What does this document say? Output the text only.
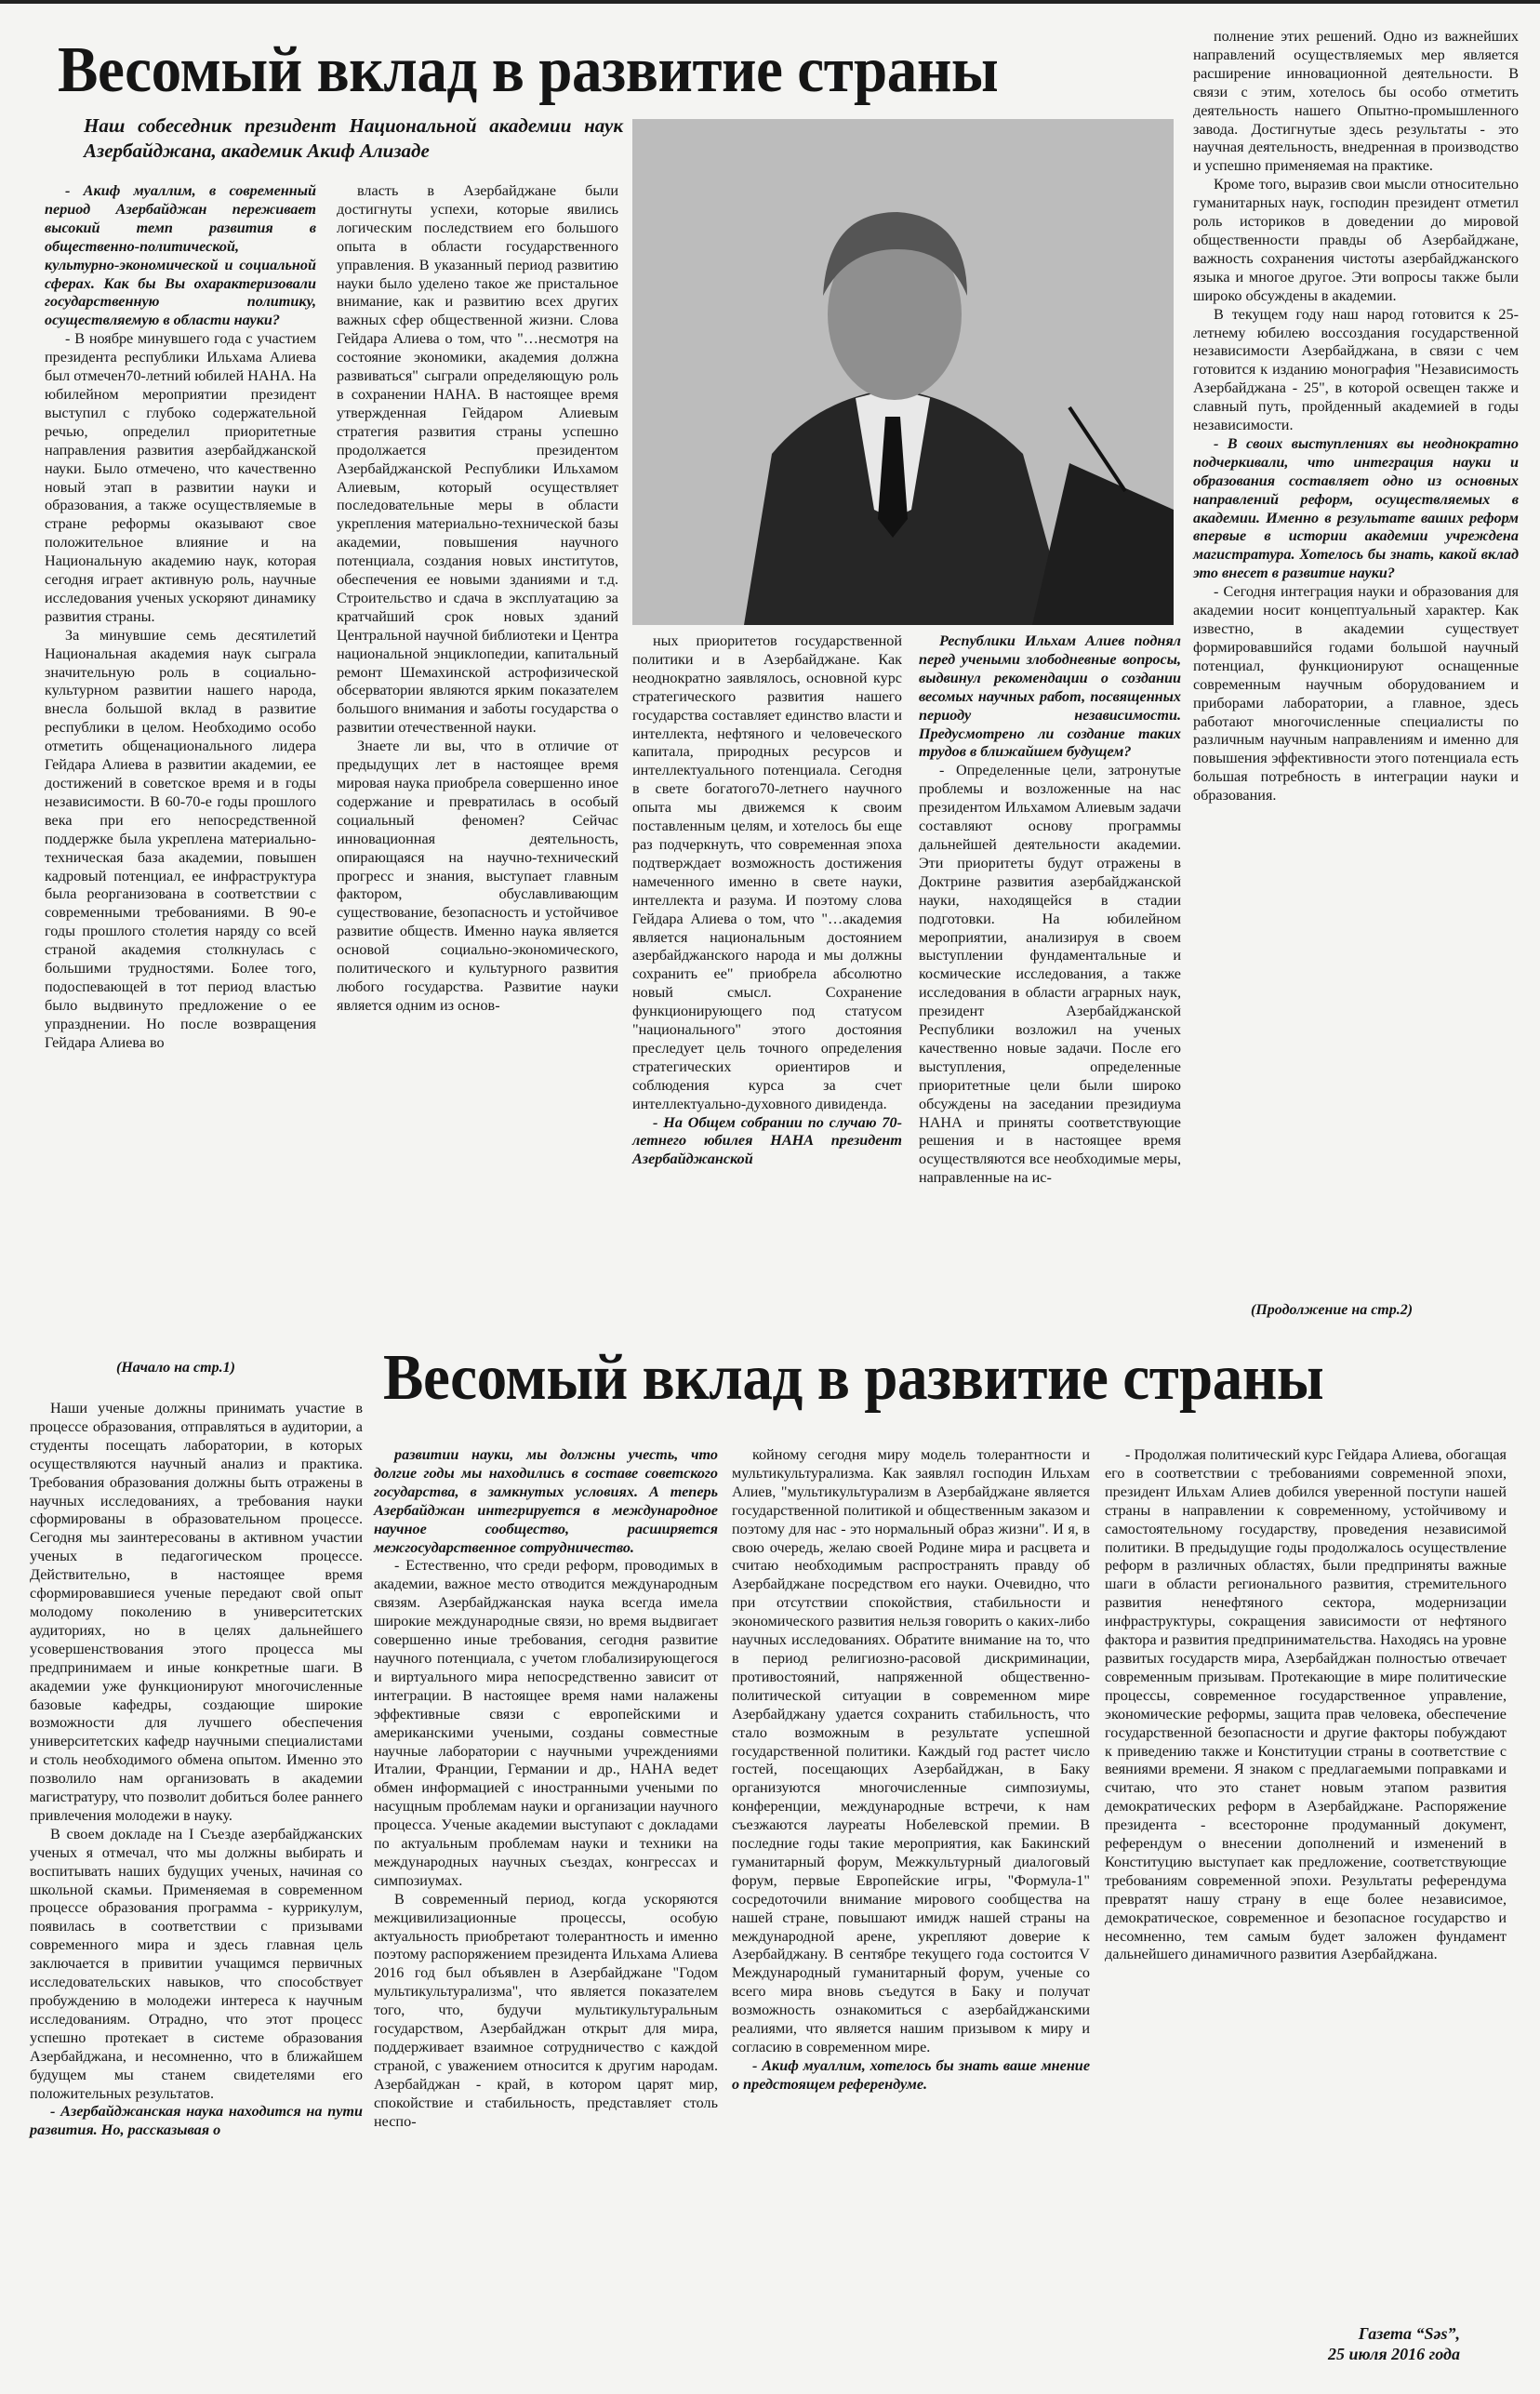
Весомый вклад в развитие страны
Наш собеседник президент Национальной академии наук Азербайджана, академик Акиф Ализаде

- Акиф муаллим, в современный период Азербайджан переживает высокий темп развития в общественно-политической, культурно-экономической и социальной сферах. Как бы Вы охарактеризовали государственную политику, осуществляемую в области науки?

- В ноябре минувшего года с участием президента республики Ильхама Алиева был отмечен70-летний юбилей НАНА. На юбилейном мероприятии президент выступил с глубоко содержательной речью, определил приоритетные направления развития азербайджанской науки. Было отмечено, что качественно новый этап в развитии науки и образования, а также осуществляемые в стране реформы оказывают свое положительное влияние и на Национальную академию наук, которая сегодня играет активную роль, научные исследования ученых ускоряют динамику развития страны.

За минувшие семь десятилетий Национальная академия наук сыграла значительную роль в социально-культурном развитии нашего народа, внесла большой вклад в развитие республики в целом. Необходимо особо отметить общенационального лидера Гейдара Алиева в развитии академии, ее достижений в советское время и в годы независимости. В 60-70-е годы прошлого века при его непосредственной поддержке была укреплена материально-техническая база академии, повышен кадровый потенциал, ее инфраструктура была реорганизована в соответствии с современными требованиями. В 90-е годы прошлого столетия наряду со всей страной академия столкнулась с большими трудностями. Более того, подоспевающей в тот период властью было выдвинуто предложение о ее упразднении. Но после возвращения Гейдара Алиева во

власть в Азербайджане были достигнуты успехи, которые явились логическим последствием его большого опыта в области государственного управления. В указанный период развитию науки было уделено такое же пристальное внимание, как и развитию всех других важных сфер общественной жизни. Слова Гейдара Алиева о том, что "…несмотря на состояние экономики, академия должна развиваться" сыграли определяющую роль в сохранении НАНА. В настоящее время утвержденная Гейдаром Алиевым стратегия развития страны успешно продолжается президентом Азербайджанской Республики Ильхамом Алиевым, который осуществляет последовательные меры в области укрепления материально-технической базы академии, повышения научного потенциала, создания новых институтов, обеспечения ее новыми зданиями и т.д. Строительство и сдача в эксплуатацию за кратчайший срок новых зданий Центральной научной библиотеки и Центра национальной энциклопедии, капитальный ремонт Шемахинской астрофизической обсерватории являются ярким показателем большого внимания и заботы государства о развитии отечественной науки.

Знаете ли вы, что в отличие от предыдущих лет в настоящее время мировая наука приобрела совершенно иное содержание и превратилась в особый социальный феномен? Сейчас инновационная деятельность, опирающаяся на научно-технический прогресс и знания, выступает главным фактором, обуславливающим существование, безопасность и устойчивое развитие обществ. Именно наука является основой социально-экономического, политического и культурного развития любого государства. Развитие науки является одним из основ-

ных приоритетов государственной политики и в Азербайджане. Как неоднократно заявлялось, основной курс стратегического развития нашего государства составляет единство власти и интеллекта, нефтяного и человеческого капитала, природных ресурсов и интеллектуального потенциала. Сегодня в свете богатого70-летнего научного опыта мы движемся к своим поставленным целям, и хотелось бы еще раз подчеркнуть, что современная эпоха подтверждает возможность достижения намеченного именно в свете науки, интеллекта и разума. И поэтому слова Гейдара Алиева о том, что "…академия является национальным достоянием азербайджанского народа и мы должны сохранить ее" приобрела абсолютно новый смысл. Сохранение функционирующего под статусом "национального" этого достояния преследует цель точного определения стратегических ориентиров и соблюдения курса за счет интеллектуально-духовного дивиденда.

- На Общем собрании по случаю 70-летнего юбилея НАНА президент Азербайджанской

Республики Ильхам Алиев поднял перед учеными злободневные вопросы, выдвинул рекомендации о создании весомых научных работ, посвященных периоду независимости. Предусмотрено ли создание таких трудов в ближайшем будущем?

- Определенные цели, затронутые проблемы и возложенные на нас президентом Ильхамом Алиевым задачи составляют основу программы дальнейшей деятельности академии. Эти приоритеты будут отражены в Доктрине развития азербайджанской науки, находящейся в стадии подготовки. На юбилейном мероприятии, анализируя в своем выступлении фундаментальные и космические исследования, а также исследования в области аграрных наук, президент Азербайджанской Республики возложил на ученых качественно новые задачи. После его выступления, определенные приоритетные цели были широко обсуждены на заседании президиума НАНА и приняты соответствующие решения и в настоящее время осуществляются все необходимые меры, направленные на ис-

полнение этих решений. Одно из важнейших направлений осуществляемых мер является расширение инновационной деятельности. В связи с этим, хотелось бы особо отметить деятельность нашего Опытно-промышленного завода. Достигнутые здесь результаты - это научная деятельность, внедренная в производство и успешно применяемая на практике.

Кроме того, выразив свои мысли относительно гуманитарных наук, господин президент отметил роль историков в доведении до мировой общественности правды об Азербайджане, важность сохранения чистоты азербайджанского языка и многое другое. Эти вопросы также были широко обсуждены в академии.

В текущем году наш народ готовится к 25-летнему юбилею воссоздания государственной независимости Азербайджана, в связи с чем готовится к изданию монография "Независимость Азербайджана - 25", в которой освещен также и славный путь, пройденный академией в годы независимости.

- В своих выступлениях вы неоднократно подчеркивали, что интеграция науки и образования составляет одно из основных направлений реформ, осуществляемых в академии. Именно в результате ваших реформ впервые в истории академии учреждена магистратура. Хотелось бы знать, какой вклад это внесет в развитие науки?

- Сегодня интеграция науки и образования для академии носит концептуальный характер. Как известно, в академии существует формировавшийся годами большой научный потенциал, функционируют оснащенные современным научным оборудованием и приборами лаборатории, а главное, здесь работают многочисленные специалисты по различным научным направлениям и именно для повышения эффективности этого потенциала есть большая потребность в интеграции науки и образования.

(Продолжение на стр.2)
(Начало на стр.1) Весомый вклад в развитие страны

Наши ученые должны принимать участие в процессе образования, отправляться в аудитории, а студенты посещать лаборатории, в которых осуществляются научный анализ и практика. Требования образования должны быть отражены в научных исследованиях, а требования науки сформированы в образовательном процессе. Сегодня мы заинтересованы в активном участии ученых в педагогическом процессе. Действительно, в настоящее время сформировавшиеся ученые передают свой опыт молодому поколению в университетских аудиториях, но в целях дальнейшего усовершенствования этого процесса мы предпринимаем и иные конкретные шаги. В академии уже функционируют многочисленные базовые кафедры, создающие широкие возможности для лучшего обеспечения университетских кафедр научными специалистами и столь необходимого обмена опытом. Именно это позволило нам организовать в академии магистратуру, что позволит добиться более раннего привлечения молодежи в науку.

В своем докладе на I Съезде азербайджанских ученых я отмечал, что мы должны выбирать и воспитывать наших будущих ученых, начиная со школьной скамьи. Применяемая в современном процессе образования программа - куррикулум, появилась в соответствии с призывами современного мира и здесь главная цель заключается в привитии учащимся первичных исследовательских навыков, что способствует пробуждению в молодежи интереса к научным исследованиям. Отрадно, что этот процесс успешно протекает в системе образования Азербайджана, и несомненно, что в ближайшем будущем мы станем свидетелями его положительных результатов.

- Азербайджанская наука находится на пути развития. Но, рассказывая о

развитии науки, мы должны учесть, что долгие годы мы находились в составе советского государства, в замкнутых условиях. А теперь Азербайджан интегрируется в международное научное сообщество, расширяется межгосударственное сотрудничество.

- Естественно, что среди реформ, проводимых в академии, важное место отводится международным связям. Азербайджанская наука всегда имела широкие международные связи, но время выдвигает совершенно иные требования, сегодня развитие научного потенциала, с учетом глобализирующегося и виртуального мира непосредственно зависит от интеграции. В настоящее время нами налажены эффективные связи с европейскими и американскими учеными, созданы совместные научные лаборатории с научными учреждениями Италии, Франции, Германии и др., НАНА ведет обмен информацией с иностранными учеными по насущным проблемам науки и организации научного процесса. Ученые академии выступают с докладами по актуальным проблемам науки и техники на международных научных съездах, конгрессах и симпозиумах.

В современный период, когда ускоряются межцивилизационные процессы, особую актуальность приобретают толерантность и именно поэтому распоряжением президента Ильхама Алиева 2016 год был объявлен в Азербайджане "Годом мультикультурализма", что является показателем того, что, будучи мультикультуральным государством, Азербайджан открыт для мира, поддерживает взаимное сотрудничество с каждой страной, с уважением относится к другим народам. Азербайджан - край, в котором царят мир, спокойствие и стабильность, представляет столь неспо-

койному сегодня миру модель толерантности и мультикультурализма. Как заявлял господин Ильхам Алиев, "мультикультурализм в Азербайджане является государственной политикой и общественным заказом и поэтому для нас - это нормальный образ жизни". И я, в свою очередь, желаю своей Родине мира и расцвета и считаю необходимым распространять правду об Азербайджане посредством его науки. Очевидно, что при отсутствии спокойствия, стабильности и экономического развития нельзя говорить о каких-либо научных исследованиях. Обратите внимание на то, что в период религиозно-расовой дискриминации, противостояний, напряженной общественно-политической ситуации в современном мире Азербайджану удается сохранить стабильность, что стало возможным в результате успешной государственной политики. Каждый год растет число гостей, посещающих Азербайджан, в Баку организуются многочисленные симпозиумы, конференции, международные встречи, к нам съезжаются лауреаты Нобелевской премии. В последние годы такие мероприятия, как Бакинский гуманитарный форум, Межкультурный диалоговый форум, первые Европейские игры, "Формула-1" сосредоточили внимание мирового сообщества на нашей стране, повышают имидж нашей страны на международной арене, укрепляют доверие к Азербайджану. В сентябре текущего года состоится V Международный гуманитарный форум, ученые со всего мира вновь съедутся в Баку и получат возможность ознакомиться с азербайджанскими реалиями, что является нашим призывом к миру и согласию в современном мире.

- Акиф муаллим, хотелось бы знать ваше мнение о предстоящем референдуме.

- Продолжая политический курс Гейдара Алиева, обогащая его в соответствии с требованиями современной эпохи, президент Ильхам Алиев добился уверенной поступи нашей страны в направлении к современному, устойчивому и самостоятельному государству, проведения независимой политики. В предыдущие годы продолжалось осуществление реформ в различных областях, были предприняты важные шаги в области регионального развития, стремительного развития ненефтяного сектора, модернизации инфраструктуры, сокращения зависимости от нефтяного фактора и развития предпринимательства. Находясь на уровне развитых государств мира, Азербайджан полностью отвечает современным призывам. Протекающие в мире политические процессы, современное государственное управление, экономические реформы, защита прав человека, обеспечение государственной безопасности и другие факторы побуждают к приведению также и Конституции страны в соответствие с веяниями времени. Я знаком с предлагаемыми поправками и считаю, что это станет новым этапом развития демократических реформ в Азербайджане. Распоряжение президента - всесторонне продуманный документ, референдум о внесении дополнений и изменений в Конституцию выступает как предложение, соответствующие требованиям современной эпохи. Результаты референдума превратят нашу страну в еще более независимое, демократическое, современное и безопасное государство и несомненно, тем самым будет заложен фундамент дальнейшего динамичного развития Азербайджана.

Газета “Sәs”,
25 июля 2016 года
